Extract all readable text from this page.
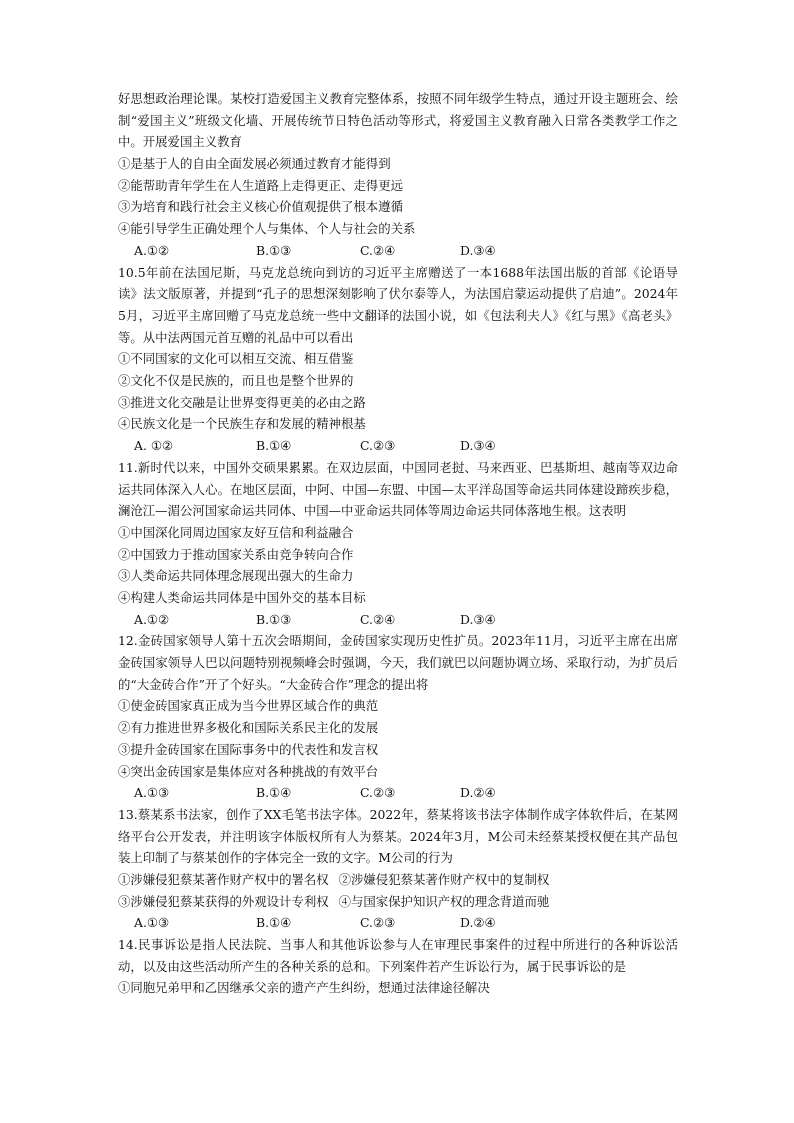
好思想政治理论课。某校打造爱国主义教育完整体系，按照不同年级学生特点，通过开设主题班会、绘制“爱国主义”班级文化墙、开展传统节日特色活动等形式，将爱国主义教育融入日常各类教学工作之中。开展爱国主义教育
①是基于人的自由全面发展必须通过教育才能得到
②能帮助青年学生在人生道路上走得更正、走得更远
③为培育和践行社会主义核心价值观提供了根本遵循
④能引导学生正确处理个人与集体、个人与社会的关系
A.①②	B.①③	C.②④	D.③④
10.5年前在法国尼斯，马克龙总统向到访的习近平主席赠送了一本1688年法国出版的首部《论语导读》法文版原著，并提到“孔子的思想深刻影响了伏尔泰等人，为法国启蒙运动提供了启迪”。2024年5月，习近平主席回赠了马克龙总统一些中文翻译的法国小说，如《包法利夫人》《红与黑》《高老头》等。从中法两国元首互赠的礼品中可以看出
①不同国家的文化可以相互交流、相互借鉴
②文化不仅是民族的，而且也是整个世界的
③推进文化交融是让世界变得更美的必由之路
④民族文化是一个民族生存和发展的精神根基
A. ①②	B.①④	C.②③	D.③④
11.新时代以来，中国外交硕果累累。在双边层面，中国同老挝、马来西亚、巴基斯坦、越南等双边命运共同体深入人心。在地区层面，中阿、中国—东盟、中国—太平洋岛国等命运共同体建设蹄疾步稳，澜沧江—湄公河国家命运共同体、中国—中亚命运共同体等周边命运共同体落地生根。这表明
①中国深化同周边国家友好互信和利益融合
②中国致力于推动国家关系由竞争转向合作
③人类命运共同体理念展现出强大的生命力
④构建人类命运共同体是中国外交的基本目标
A.①②	B.①③	C.②④	D.③④
12.金砖国家领导人第十五次会晤期间，金砖国家实现历史性扩员。2023年11月，习近平主席在出席金砖国家领导人巴以问题特别视频峰会时强调，今天，我们就巴以问题协调立场、采取行动，为扩员后的“大金砖合作”开了个好头。“大金砖合作”理念的提出将
①使金砖国家真正成为当今世界区域合作的典范
②有力推进世界多极化和国际关系民主化的发展
③提升金砖国家在国际事务中的代表性和发言权
④突出金砖国家是集体应对各种挑战的有效平台
A.①③	B.①④	C.②③	D.②④
13.蔡某系书法家，创作了XX毛笔书法字体。2022年，蔡某将该书法字体制作成字体软件后，在某网络平台公开发表，并注明该字体版权所有人为蔡某。2024年3月，M公司未经蔡某授权便在其产品包装上印制了与蔡某创作的字体完全一致的文字。M公司的行为
①涉嫌侵犯蔡某著作财产权中的署名权 ②涉嫌侵犯蔡某著作财产权中的复制权
③涉嫌侵犯蔡某获得的外观设计专利权 ④与国家保护知识产权的理念背道而驰
A.①③	B.①④	C.②③	D.②④
14.民事诉讼是指人民法院、当事人和其他诉讼参与人在审理民事案件的过程中所进行的各种诉讼活动，以及由这些活动所产生的各种关系的总和。下列案件若产生诉讼行为，属于民事诉讼的是
①同胞兄弟甲和乙因继承父亲的遗产产生纠纷，想通过法律途径解决
